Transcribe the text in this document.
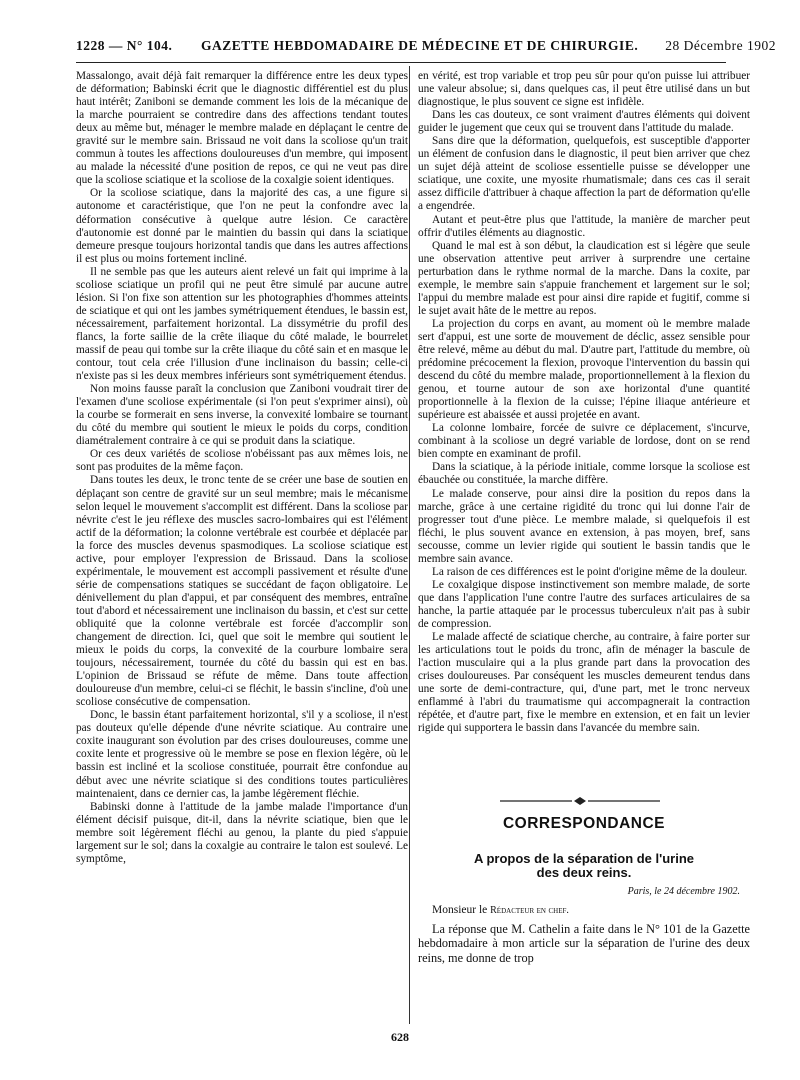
1228 — N° 104. GAZETTE HEBDOMADAIRE DE MÉDECINE ET DE CHIRURGIE. 28 Décembre 1902

Massalongo, avait déjà fait remarquer la différence entre les deux types de déformation; Babinski écrit que le diagnostic différentiel est du plus haut intérêt; Zaniboni se demande comment les lois de la mécanique de la marche pourraient se contredire dans des affections tendant toutes deux au même but, ménager le membre malade en déplaçant le centre de gravité sur le membre sain. Brissaud ne voit dans la scoliose qu'un trait commun à toutes les affections douloureuses d'un membre, qui imposent au malade la nécessité d'une position de repos, ce qui ne veut pas dire que la scoliose sciatique et la scoliose de la coxalgie soient identiques.

Or la scoliose sciatique, dans la majorité des cas, a une figure si autonome et caractéristique, que l'on ne peut la confondre avec la déformation consécutive à quelque autre lésion. Ce caractère d'autonomie est donné par le maintien du bassin qui dans la sciatique demeure presque toujours horizontal tandis que dans les autres affections il est plus ou moins fortement incliné.

Il ne semble pas que les auteurs aient relevé un fait qui imprime à la scoliose sciatique un profil qui ne peut être simulé par aucune autre lésion. Si l'on fixe son attention sur les photographies d'hommes atteints de sciatique et qui ont les jambes symétriquement étendues, le bassin est, nécessairement, parfaitement horizontal. La dissymétrie du profil des flancs, la forte saillie de la crête iliaque du côté malade, le bourrelet massif de peau qui tombe sur la crête iliaque du côté sain et en masque le contour, tout cela crée l'illusion d'une inclinaison du bassin; celle-ci n'existe pas si les deux membres inférieurs sont symétriquement étendus.

Non moins fausse paraît la conclusion que Zaniboni voudrait tirer de l'examen d'une scoliose expérimentale (si l'on peut s'exprimer ainsi), où la courbe se formerait en sens inverse, la convexité lombaire se tournant du côté du membre qui soutient le mieux le poids du corps, condition diamétralement contraire à ce qui se produit dans la sciatique.

Or ces deux variétés de scoliose n'obéissant pas aux mêmes lois, ne sont pas produites de la même façon.

Dans toutes les deux, le tronc tente de se créer une base de soutien en déplaçant son centre de gravité sur un seul membre; mais le mécanisme selon lequel le mouvement s'accomplit est différent. Dans la scoliose par névrite c'est le jeu réflexe des muscles sacro-lombaires qui est l'élément actif de la déformation; la colonne vertébrale est courbée et déplacée par la force des muscles devenus spasmodiques. La scoliose sciatique est active, pour employer l'expression de Brissaud. Dans la scoliose expérimentale, le mouvement est accompli passivement et résulte d'une série de compensations statiques se succédant de façon obligatoire. Le dénivellement du plan d'appui, et par conséquent des membres, entraîne tout d'abord et nécessairement une inclinaison du bassin, et c'est sur cette obliquité que la colonne vertébrale est forcée d'accomplir son changement de direction. Ici, quel que soit le membre qui soutient le mieux le poids du corps, la convexité de la courbure lombaire sera toujours, nécessairement, tournée du côté du bassin qui est en bas. L'opinion de Brissaud se réfute de même. Dans toute affection douloureuse d'un membre, celui-ci se fléchit, le bassin s'incline, d'où une scoliose consécutive de compensation.

Donc, le bassin étant parfaitement horizontal, s'il y a scoliose, il n'est pas douteux qu'elle dépende d'une névrite sciatique. Au contraire une coxite inaugurant son évolution par des crises douloureuses, comme une coxite lente et progressive où le membre se pose en flexion légère, où le bassin est incliné et la scoliose constituée, pourrait être confondue au début avec une névrite sciatique si des conditions toutes particulières maintenaient, dans ce dernier cas, la jambe légèrement fléchie.

Babinski donne à l'attitude de la jambe malade l'importance d'un élément décisif puisque, dit-il, dans la névrite sciatique, bien que le membre soit légèrement fléchi au genou, la plante du pied s'appuie largement sur le sol; dans la coxalgie au contraire le talon est soulevé. Le symptôme,

en vérité, est trop variable et trop peu sûr pour qu'on puisse lui attribuer une valeur absolue; si, dans quelques cas, il peut être utilisé dans un but diagnostique, le plus souvent ce signe est infidèle.

Dans les cas douteux, ce sont vraiment d'autres éléments qui doivent guider le jugement que ceux qui se trouvent dans l'attitude du malade.

Sans dire que la déformation, quelquefois, est susceptible d'apporter un élément de confusion dans le diagnostic, il peut bien arriver que chez un sujet déjà atteint de scoliose essentielle puisse se développer une sciatique, une coxite, une myosite rhumatismale; dans ces cas il serait assez difficile d'attribuer à chaque affection la part de déformation qu'elle a engendrée.

Autant et peut-être plus que l'attitude, la manière de marcher peut offrir d'utiles éléments au diagnostic.

Quand le mal est à son début, la claudication est si légère que seule une observation attentive peut arriver à surprendre une certaine perturbation dans le rythme normal de la marche. Dans la coxite, par exemple, le membre sain s'appuie franchement et largement sur le sol; l'appui du membre malade est pour ainsi dire rapide et fugitif, comme si le sujet avait hâte de le mettre au repos.

La projection du corps en avant, au moment où le membre malade sert d'appui, est une sorte de mouvement de déclic, assez sensible pour être relevé, même au début du mal. D'autre part, l'attitude du membre, où prédomine précocement la flexion, provoque l'intervention du bassin qui descend du côté du membre malade, proportionnellement à la flexion du genou, et tourne autour de son axe horizontal d'une quantité proportionnelle à la flexion de la cuisse; l'épine iliaque antérieure et supérieure est abaissée et aussi projetée en avant.

La colonne lombaire, forcée de suivre ce déplacement, s'incurve, combinant à la scoliose un degré variable de lordose, dont on se rend bien compte en examinant de profil.

Dans la sciatique, à la période initiale, comme lorsque la scoliose est ébauchée ou constituée, la marche diffère.

Le malade conserve, pour ainsi dire la position du repos dans la marche, grâce à une certaine rigidité du tronc qui lui donne l'air de progresser tout d'une pièce. Le membre malade, si quelquefois il est fléchi, le plus souvent avance en extension, à pas moyen, bref, sans secousse, comme un levier rigide qui soutient le bassin tandis que le membre sain avance.

La raison de ces différences est le point d'origine même de la douleur.

Le coxalgique dispose instinctivement son membre malade, de sorte que dans l'application l'une contre l'autre des surfaces articulaires de sa hanche, la partie attaquée par le processus tuberculeux n'ait pas à subir de compression.

Le malade affecté de sciatique cherche, au contraire, à faire porter sur les articulations tout le poids du tronc, afin de ménager la bascule de l'action musculaire qui a la plus grande part dans la provocation des crises douloureuses. Par conséquent les muscles demeurent tendus dans une sorte de demi-contracture, qui, d'une part, met le tronc nerveux enflammé à l'abri du traumatisme qui accompagnerait la contraction répétée, et d'autre part, fixe le membre en extension, et en fait un levier rigide qui supportera le bassin dans l'avancée du membre sain.

CORRESPONDANCE
A propos de la séparation de l'urine
des deux reins.
Paris, le 24 décembre 1902.
Monsieur le Rédacteur en chef.

La réponse que M. Cathelin a faite dans le N° 101 de la Gazette hebdomadaire à mon article sur la séparation de l'urine des deux reins, me donne de trop

628
